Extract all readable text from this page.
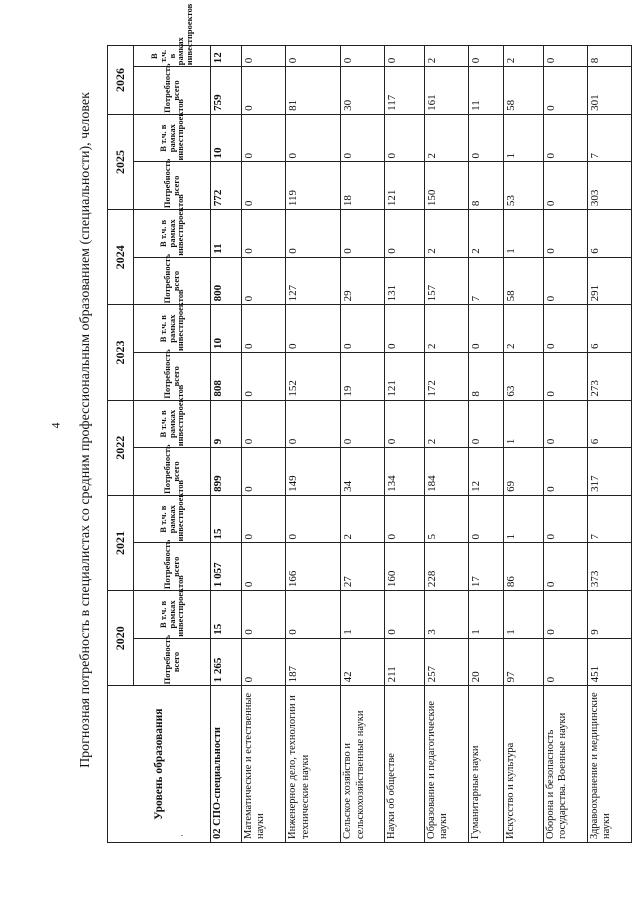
4 Прогнозная потребность в специалистах со средним профессиональным образованием (специальности), человек	Уровень образования	2020		2021		2022		2023		2024		2025		2026	
	Потребность всего	В т.ч. в рамках инвестпроектов	Потребность всего	В т.ч. в рамках инвестпроектов	Потребность всего	В т.ч. в рамках инвестпроектов	Потребность всего	В т.ч. в рамках инвестпроектов	Потребность всего	В т.ч. в рамках инвестпроектов	Потребность всего	В т.ч. в рамках инвестпроектов	Потребность всего	В т.ч. в рамках инвестпроектов
02 СПО-специальности	1 265	15	1 057	15	899	9	808	10	800	11	772	10	759	12
Математические и естественные науки	0	0	0	0	0	0	0	0	0	0	0	0	0	0
Инженерное дело, технологии и технические науки	187	0	166	0	149	0	152	0	127	0	119	0	81	0
Сельское хозяйство и сельскохозяйственные науки	42	1	27	2	34	0	19	0	29	0	18	0	30	0
Науки об обществе	211	0	160	0	134	0	121	0	131	0	121	0	117	0
Образование и педагогические науки	257	3	228	5	184	2	172	2	157	2	150	2	161	2
Гуманитарные науки	20	1	17	0	12	0	8	0	7	2	8	0	11	0
Искусство и культура	97	1	86	1	69	1	63	2	58	1	53	1	58	2
Оборона и безопасность государства. Военные науки	0	0	0	0	0	0	0	0	0	0	0	0	0	0
Здравоохранение и медицинские науки	451	9	373	7	317	6	273	6	291	6	303	7	301	8
